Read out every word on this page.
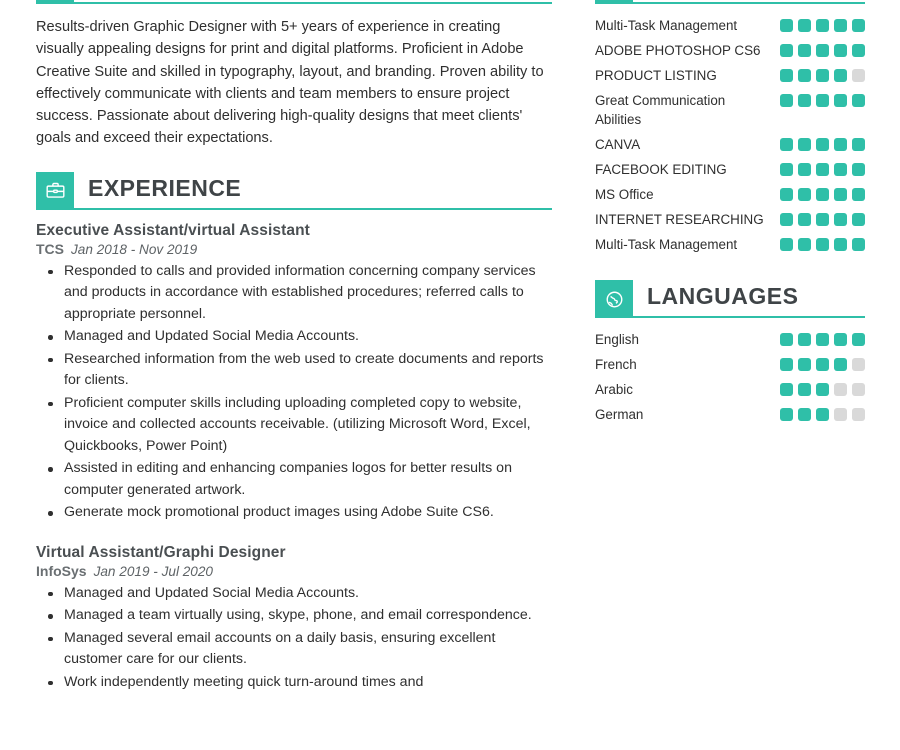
Results-driven Graphic Designer with 5+ years of experience in creating visually appealing designs for print and digital platforms. Proficient in Adobe Creative Suite and skilled in typography, layout, and branding. Proven ability to effectively communicate with clients and team members to ensure project success. Passionate about delivering high-quality designs that meet clients' goals and exceed their expectations.

EXPERIENCE
Executive Assistant/virtual Assistant
TCS Jan 2018 - Nov 2019
Responded to calls and provided information concerning company services and products in accordance with established procedures; referred calls to appropriate personnel.
Managed and Updated Social Media Accounts.
Researched information from the web used to create documents and reports for clients.
Proficient computer skills including uploading completed copy to website, invoice and collected accounts receivable. (utilizing Microsoft Word, Excel, Quickbooks, Power Point)
Assisted in editing and enhancing companies logos for better results on computer generated artwork.
Generate mock promotional product images using Adobe Suite CS6.
Virtual Assistant/Graphi Designer
InfoSys Jan 2019 - Jul 2020
Managed and Updated Social Media Accounts.
Managed a team virtually using, skype, phone, and email correspondence.
Managed several email accounts on a daily basis, ensuring excellent customer care for our clients.
Work independently meeting quick turn-around times and
Multi-Task Management
ADOBE PHOTOSHOP CS6
PRODUCT LISTING
Great Communication Abilities
CANVA
FACEBOOK EDITING
MS Office
INTERNET RESEARCHING
Multi-Task Management
LANGUAGES
English
French
Arabic
German
